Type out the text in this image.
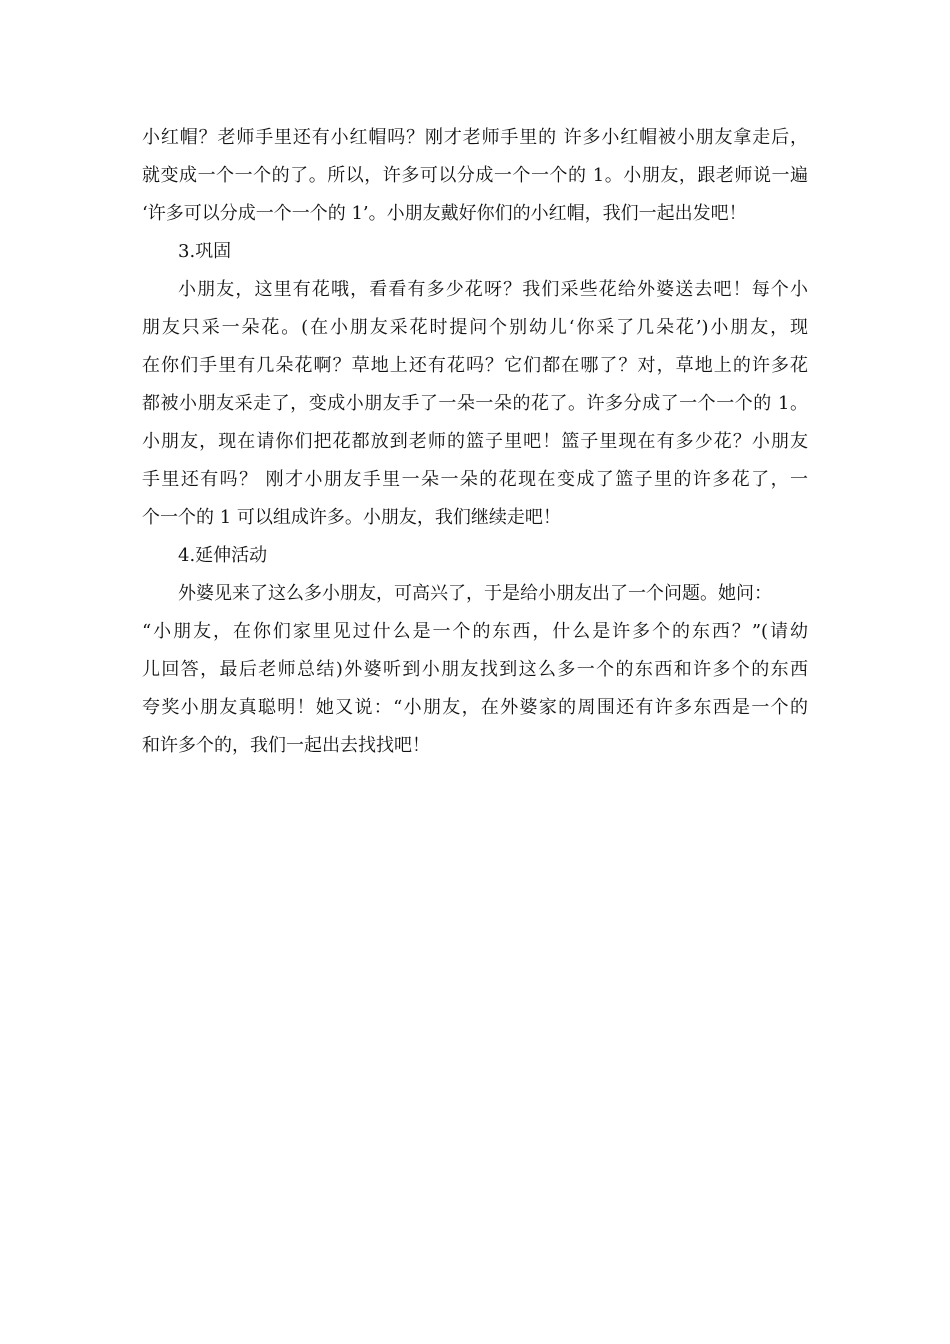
小红帽？老师手里还有小红帽吗？刚才老师手里的 许多小红帽被小朋友拿走后，
就变成一个一个的了。所以，许多可以分成一个一个的 1。小朋友，跟老师说一遍
‘许多可以分成一个一个的 1’。小朋友戴好你们的小红帽，我们一起出发吧！
3.巩固
小朋友，这里有花哦，看看有多少花呀？我们采些花给外婆送去吧！每个小
朋友只采一朵花。(在小朋友采花时提问个别幼儿‘你采了几朵花’)小朋友，现
在你们手里有几朵花啊？草地上还有花吗？它们都在哪了？对，草地上的许多花
都被小朋友采走了，变成小朋友手了一朵一朵的花了。许多分成了一个一个的 1。
小朋友，现在请你们把花都放到老师的篮子里吧！篮子里现在有多少花？小朋友
手里还有吗？ 刚才小朋友手里一朵一朵的花现在变成了篮子里的许多花了，一
个一个的 1 可以组成许多。小朋友，我们继续走吧！
4.延伸活动
外婆见来了这么多小朋友，可高兴了，于是给小朋友出了一个问题。她问：
“小朋友，在你们家里见过什么是一个的东西，什么是许多个的东西？”(请幼
儿回答，最后老师总结)外婆听到小朋友找到这么多一个的东西和许多个的东西
夸奖小朋友真聪明！她又说：“小朋友，在外婆家的周围还有许多东西是一个的
和许多个的，我们一起出去找找吧！
